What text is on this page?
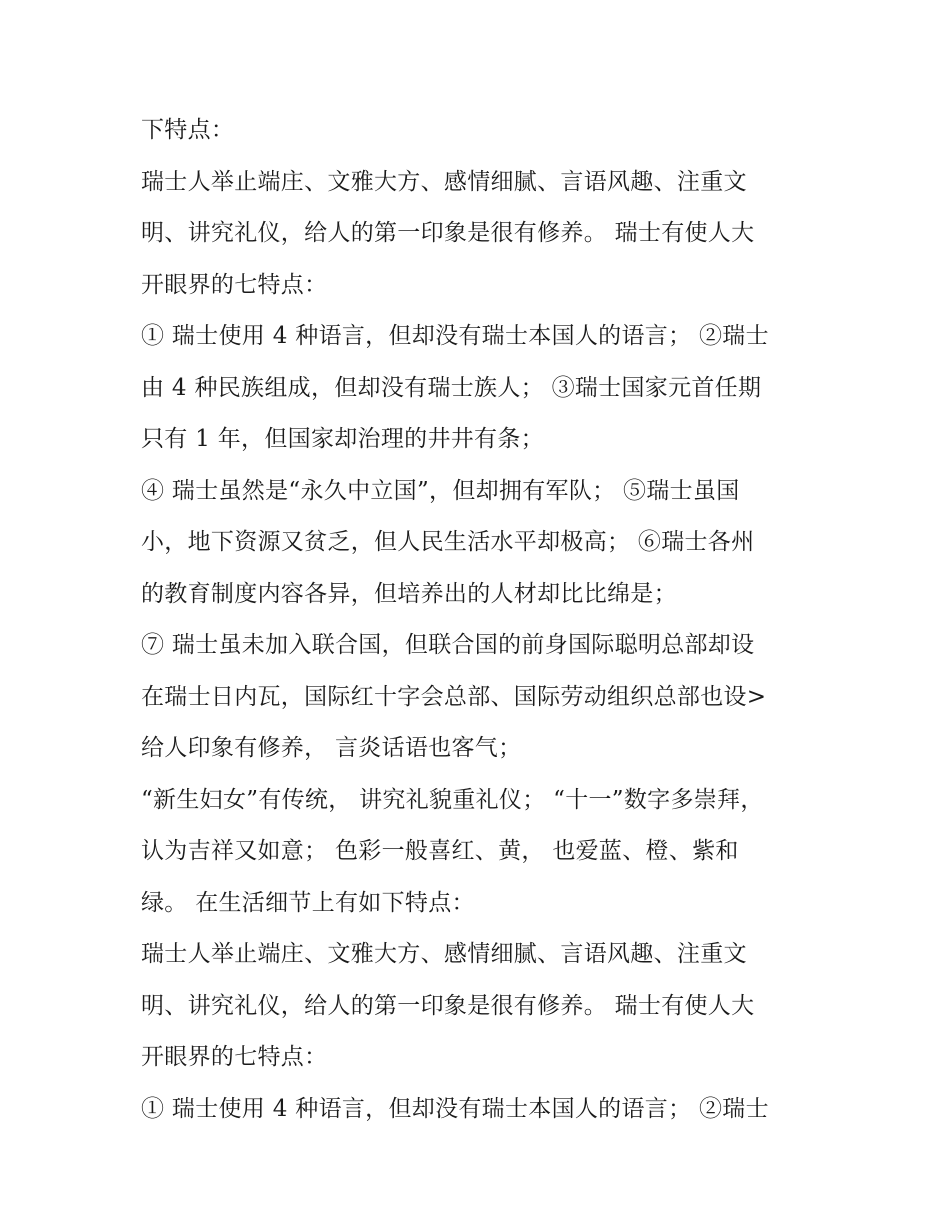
下特点：
瑞士人举止端庄、文雅大方、感情细腻、言语风趣、注重文
明、讲究礼仪，给人的第一印象是很有修养。 瑞士有使人大
开眼界的七特点：
① 瑞士使用 4 种语言，但却没有瑞士本国人的语言； ②瑞士
由 4 种民族组成，但却没有瑞士族人； ③瑞士国家元首任期
只有 1 年，但国家却治理的井井有条；
④ 瑞士虽然是“永久中立国”，但却拥有军队； ⑤瑞士虽国
小，地下资源又贫乏，但人民生活水平却极高； ⑥瑞士各州
的教育制度内容各异，但培养出的人材却比比绵是；
⑦ 瑞士虽未加入联合国，但联合国的前身国际聪明总部却设
在瑞士日内瓦，国际红十字会总部、国际劳动组织总部也设>
给人印象有修养， 言炎话语也客气；
“新生妇女”有传统， 讲究礼貌重礼仪； “十一”数字多崇拜，
认为吉祥又如意； 色彩一般喜红、黄， 也爱蓝、橙、紫和
绿。 在生活细节上有如下特点：
瑞士人举止端庄、文雅大方、感情细腻、言语风趣、注重文
明、讲究礼仪，给人的第一印象是很有修养。 瑞士有使人大
开眼界的七特点：
① 瑞士使用 4 种语言，但却没有瑞士本国人的语言； ②瑞士
